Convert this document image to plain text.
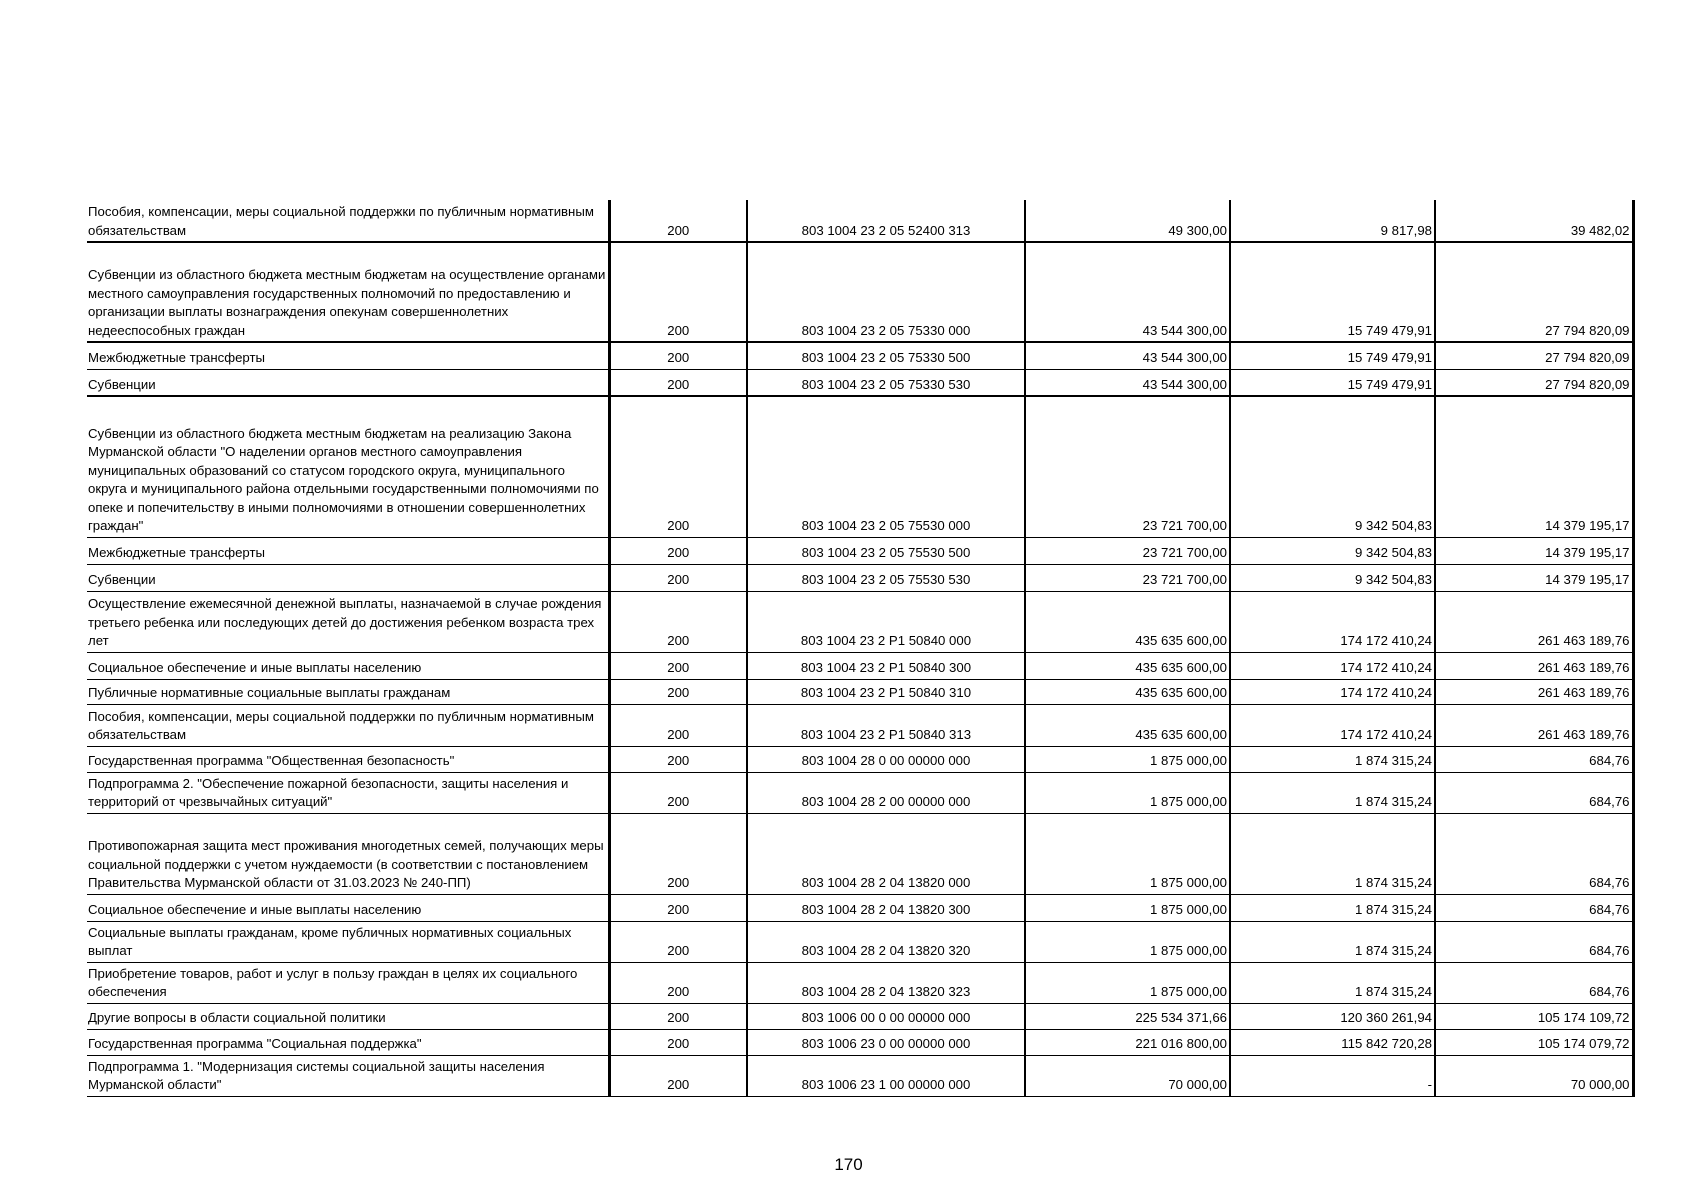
Пособия, компенсации, меры социальной поддержки по публичным нормативным обязательствам	200	803 1004 23 2 05 52400 313	49 300,00	9 817,98	39 482,02
Субвенции из областного бюджета местным бюджетам на осуществление органами местного самоуправления государственных полномочий по предоставлению и организации выплаты вознаграждения опекунам совершеннолетних недееспособных граждан	200	803 1004 23 2 05 75330 000	43 544 300,00	15 749 479,91	27 794 820,09
Межбюджетные трансферты	200	803 1004 23 2 05 75330 500	43 544 300,00	15 749 479,91	27 794 820,09
Субвенции	200	803 1004 23 2 05 75330 530	43 544 300,00	15 749 479,91	27 794 820,09
Субвенции из областного бюджета местным бюджетам на реализацию Закона Мурманской области "О наделении органов местного самоуправления муниципальных образований со статусом городского округа, муниципального округа и муниципального района отдельными государственными полномочиями по опеке и попечительству в иными полномочиями в отношении совершеннолетних граждан"	200	803 1004 23 2 05 75530 000	23 721 700,00	9 342 504,83	14 379 195,17
Межбюджетные трансферты	200	803 1004 23 2 05 75530 500	23 721 700,00	9 342 504,83	14 379 195,17
Субвенции	200	803 1004 23 2 05 75530 530	23 721 700,00	9 342 504,83	14 379 195,17
Осуществление ежемесячной денежной выплаты, назначаемой в случае рождения третьего ребенка или последующих детей до достижения ребенком возраста трех лет	200	803 1004 23 2 P1 50840 000	435 635 600,00	174 172 410,24	261 463 189,76
Социальное обеспечение и иные выплаты населению	200	803 1004 23 2 P1 50840 300	435 635 600,00	174 172 410,24	261 463 189,76
Публичные нормативные социальные выплаты гражданам	200	803 1004 23 2 P1 50840 310	435 635 600,00	174 172 410,24	261 463 189,76
Пособия, компенсации, меры социальной поддержки по публичным нормативным обязательствам	200	803 1004 23 2 P1 50840 313	435 635 600,00	174 172 410,24	261 463 189,76
Государственная программа "Общественная безопасность"	200	803 1004 28 0 00 00000 000	1 875 000,00	1 874 315,24	684,76
Подпрограмма 2. "Обеспечение пожарной безопасности, защиты населения и территорий от чрезвычайных ситуаций"	200	803 1004 28 2 00 00000 000	1 875 000,00	1 874 315,24	684,76
Противопожарная защита мест проживания многодетных семей, получающих меры социальной поддержки с учетом нуждаемости (в соответствии с постановлением Правительства Мурманской области от 31.03.2023 № 240-ПП)	200	803 1004 28 2 04 13820 000	1 875 000,00	1 874 315,24	684,76
Социальное обеспечение и иные выплаты населению	200	803 1004 28 2 04 13820 300	1 875 000,00	1 874 315,24	684,76
Социальные выплаты гражданам, кроме публичных нормативных социальных выплат	200	803 1004 28 2 04 13820 320	1 875 000,00	1 874 315,24	684,76
Приобретение товаров, работ и услуг в пользу граждан в целях их социального обеспечения	200	803 1004 28 2 04 13820 323	1 875 000,00	1 874 315,24	684,76
Другие вопросы в области социальной политики	200	803 1006 00 0 00 00000 000	225 534 371,66	120 360 261,94	105 174 109,72
Государственная программа "Социальная поддержка"	200	803 1006 23 0 00 00000 000	221 016 800,00	115 842 720,28	105 174 079,72
Подпрограмма 1. "Модернизация системы социальной защиты населения Мурманской области"	200	803 1006 23 1 00 00000 000	70 000,00	-	70 000,00
170
